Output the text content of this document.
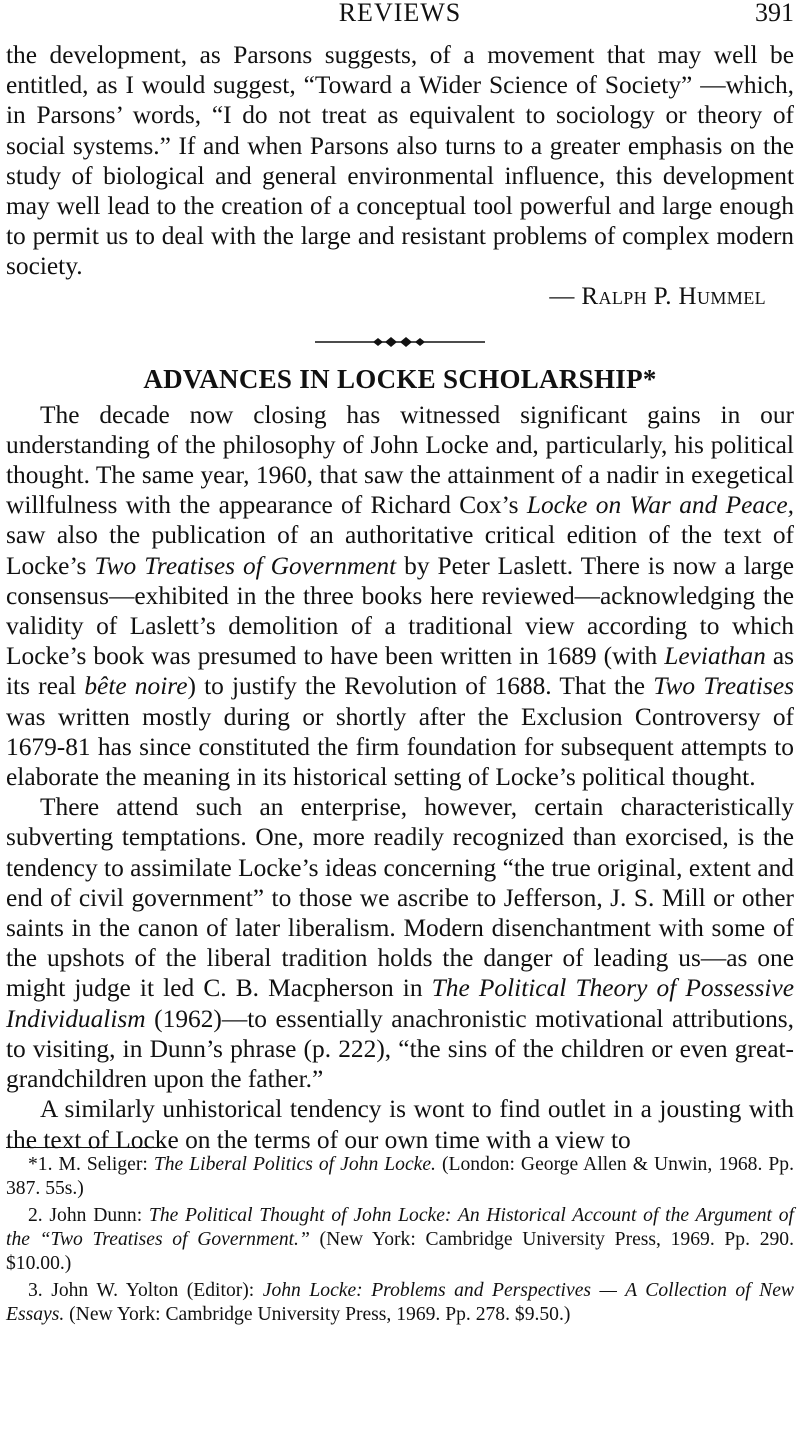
REVIEWS	391

the development, as Parsons suggests, of a movement that may well be entitled, as I would suggest, “Toward a Wider Science of Society” —which, in Parsons’ words, “I do not treat as equivalent to sociology or theory of social systems.” If and when Parsons also turns to a greater emphasis on the study of biological and general environmental influence, this development may well lead to the creation of a conceptual tool powerful and large enough to permit us to deal with the large and resistant problems of complex modern society.

— Ralph P. Hummel

ADVANCES IN LOCKE SCHOLARSHIP*

The decade now closing has witnessed significant gains in our understanding of the philosophy of John Locke and, particularly, his political thought. The same year, 1960, that saw the attainment of a nadir in exegetical willfulness with the appearance of Richard Cox’s Locke on War and Peace, saw also the publication of an authoritative critical edition of the text of Locke’s Two Treatises of Government by Peter Laslett. There is now a large consensus—exhibited in the three books here reviewed—acknowledging the validity of Laslett’s demolition of a traditional view according to which Locke’s book was presumed to have been written in 1689 (with Leviathan as its real bête noire) to justify the Revolution of 1688. That the Two Treatises was written mostly during or shortly after the Exclusion Controversy of 1679-81 has since constituted the firm foundation for subsequent attempts to elaborate the meaning in its historical setting of Locke’s political thought.

There attend such an enterprise, however, certain characteristically subverting temptations. One, more readily recognized than exorcised, is the tendency to assimilate Locke’s ideas concerning “the true original, extent and end of civil government” to those we ascribe to Jefferson, J. S. Mill or other saints in the canon of later liberalism. Modern disenchantment with some of the upshots of the liberal tradition holds the danger of leading us—as one might judge it led C. B. Macpherson in The Political Theory of Possessive Individualism (1962)—to essentially anachronistic motivational attributions, to visiting, in Dunn’s phrase (p. 222), “the sins of the children or even great-grandchildren upon the father.”

A similarly unhistorical tendency is wont to find outlet in a jousting with the text of Locke on the terms of our own time with a view to

*1. M. Seliger: The Liberal Politics of John Locke. (London: George Allen & Unwin, 1968. Pp. 387. 55s.)

2. John Dunn: The Political Thought of John Locke: An Historical Account of the Argument of the “Two Treatises of Government.” (New York: Cambridge University Press, 1969. Pp. 290. $10.00.)

3. John W. Yolton (Editor): John Locke: Problems and Perspectives — A Collection of New Essays. (New York: Cambridge University Press, 1969. Pp. 278. $9.50.)
